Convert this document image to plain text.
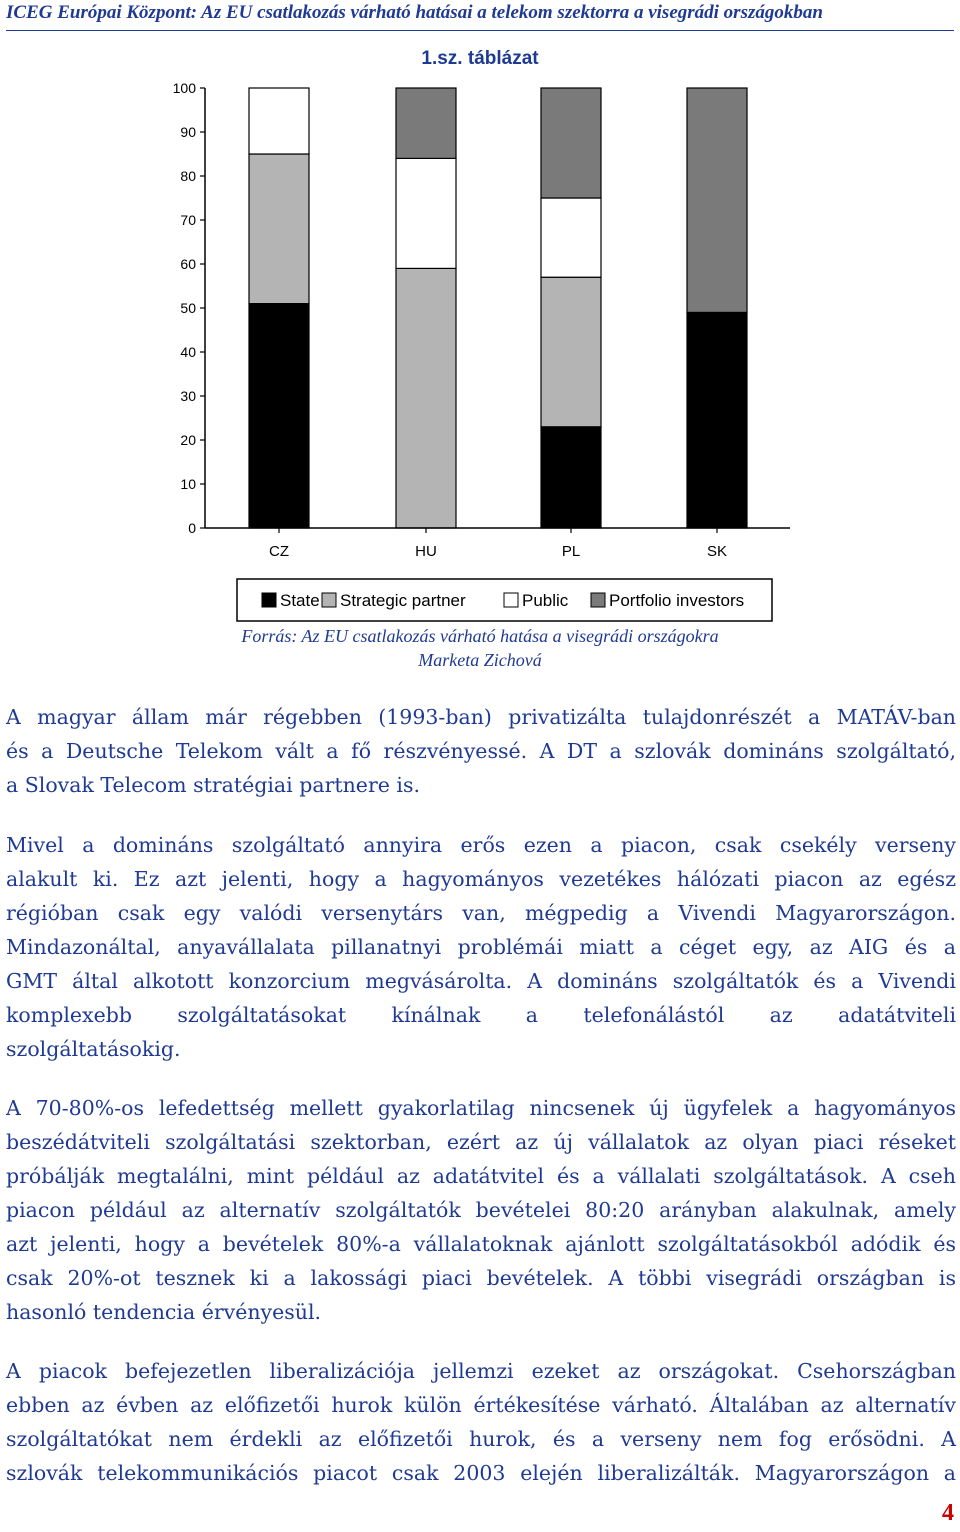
ICEG Európai Központ: Az EU csatlakozás várható hatásai a telekom szektorra a visegrádi országokban
1.sz. táblázat
0
10
20
30
40
50
60
70
80
90
100
CZ	HU	PL	SK
State Strategic partner	Public Portfolio investors
Forrás: Az EU csatlakozás várható hatása a visegrádi országokra
Marketa Zichová
A magyar állam már régebben (1993-ban) privatizálta tulajdonrészét a MATÁV-ban
és a Deutsche Telekom vált a fő részvényessé. A DT a szlovák domináns szolgáltató,
a Slovak Telecom stratégiai partnere is.
Mivel a domináns szolgáltató annyira erős ezen a piacon, csak csekély verseny
alakult ki. Ez azt jelenti, hogy a hagyományos vezetékes hálózati piacon az egész
régióban csak egy valódi versenytárs van, mégpedig a Vivendi Magyarországon.
Mindazonáltal, anyavállalata pillanatnyi problémái miatt a céget egy, az AIG és a
GMT által alkotott konzorcium megvásárolta. A domináns szolgáltatók és a Vivendi
komplexebb szolgáltatásokat kínálnak a telefonálástól az adatátviteli
szolgáltatásokig.
A 70-80%-os lefedettség mellett gyakorlatilag nincsenek új ügyfelek a hagyományos
beszédátviteli szolgáltatási szektorban, ezért az új vállalatok az olyan piaci réseket
próbálják megtalálni, mint például az adatátvitel és a vállalati szolgáltatások. A cseh
piacon például az alternatív szolgáltatók bevételei 80:20 arányban alakulnak, amely
azt jelenti, hogy a bevételek 80%-a vállalatoknak ajánlott szolgáltatásokból adódik és
csak 20%-ot tesznek ki a lakossági piaci bevételek. A többi visegrádi országban is
hasonló tendencia érvényesül.
A piacok befejezetlen liberalizációja jellemzi ezeket az országokat. Csehországban
ebben az évben az előfizetői hurok külön értékesítése várható. Általában az alternatív
szolgáltatókat nem érdekli az előfizetői hurok, és a verseny nem fog erősödni. A
szlovák telekommunikációs piacot csak 2003 elején liberalizálták. Magyarországon a
4
